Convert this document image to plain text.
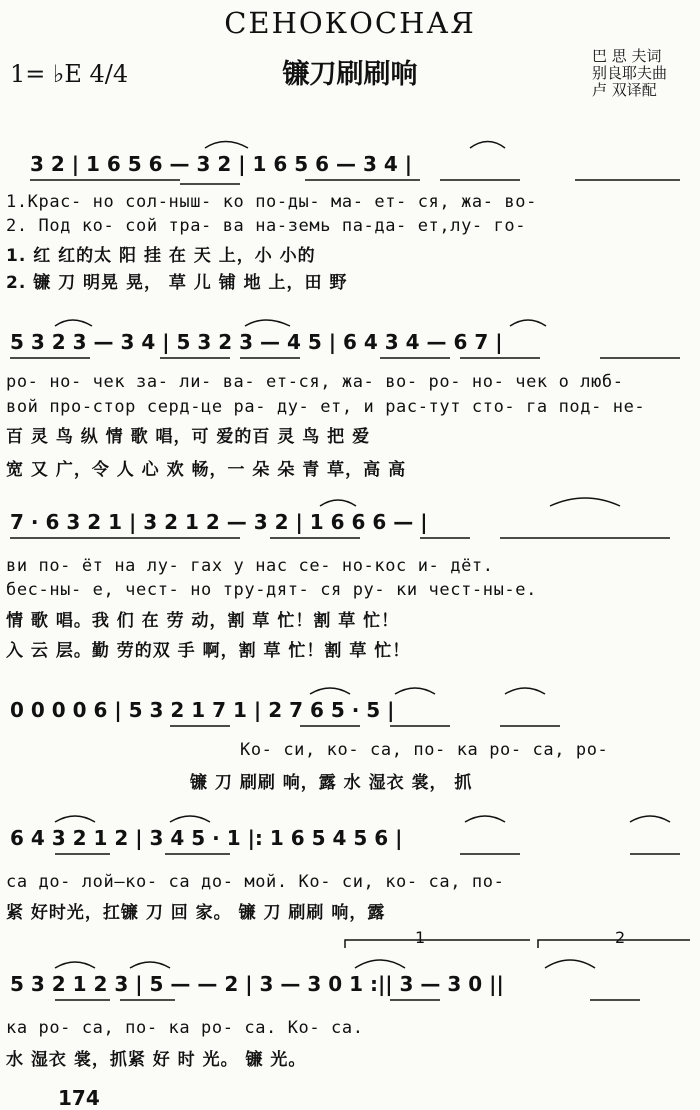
СЕНОКОСНАЯ
1= ♭E 4/4	镰刀刷刷响
巴 思 夫词
别良耶夫曲
卢 双译配
3 2 | 1 6 5 6 — 3 2 | 1 6 5 6 — 3 4 |
1.Крас- но сол-ныш- ко по-ды- ма- ет- ся, жа- во-
2. Под ко- сой тра- ва на-земь па-да- ет,лу- го-
1. 红 红的太 阳 挂 在 天 上，小 小的
2. 镰 刀 明晃 晃， 草 儿 铺 地 上，田 野
5 3 2 3 — 3 4 | 5 3 2 3 — 4 5 | 6 4 3 4 — 6 7 |
ро- но- чек за- ли- ва- ет-ся, жа- во- ро- но- чек о люб-
вой про-стор серд-це ра- ду- ет, и рас-тут сто- га под- не-
百 灵 鸟 纵 情 歌 唱，可 爱的百 灵 鸟 把 爱
宽 又 广，令 人 心 欢 畅，一 朵 朵 青 草，高 高
7 · 6 3 2 1 | 3 2 1 2 — 3 2 | 1 6 6 6 — |
ви по- ёт на лу- гах у нас се- но-кос и- дёт.
бес-ны- е, чест- но тру-дят- ся ру- ки чест-ны-е.
情 歌 唱。我 们 在 劳 动，割 草 忙！割 草 忙！
入 云 层。勤 劳的双 手 啊，割 草 忙！割 草 忙！
0 0 0 0 6 | 5 3 2 1 7 1 | 2 7 6 5 · 5 |
Ко- си, ко- са, по- ка ро- са, ро-
镰 刀 刷刷 响，露 水 湿衣 裳， 抓
6 4 3 2 1 2 | 3 4 5 · 1 |: 1 6 5 4 5 6 |
са до- лой—ко- са до- мой. Ко- си, ко- са, по-
紧 好时光，扛镰 刀 回 家。 镰 刀 刷刷 响，露
1	2
5 3 2 1 2 3 | 5 — — 2 | 3 — 3 0 1 :|| 3 — 3 0 ||
ка ро- са, по- ка ро- са. Ко- са.
水 湿衣 裳，抓紧 好 时 光。 镰 光。
174
